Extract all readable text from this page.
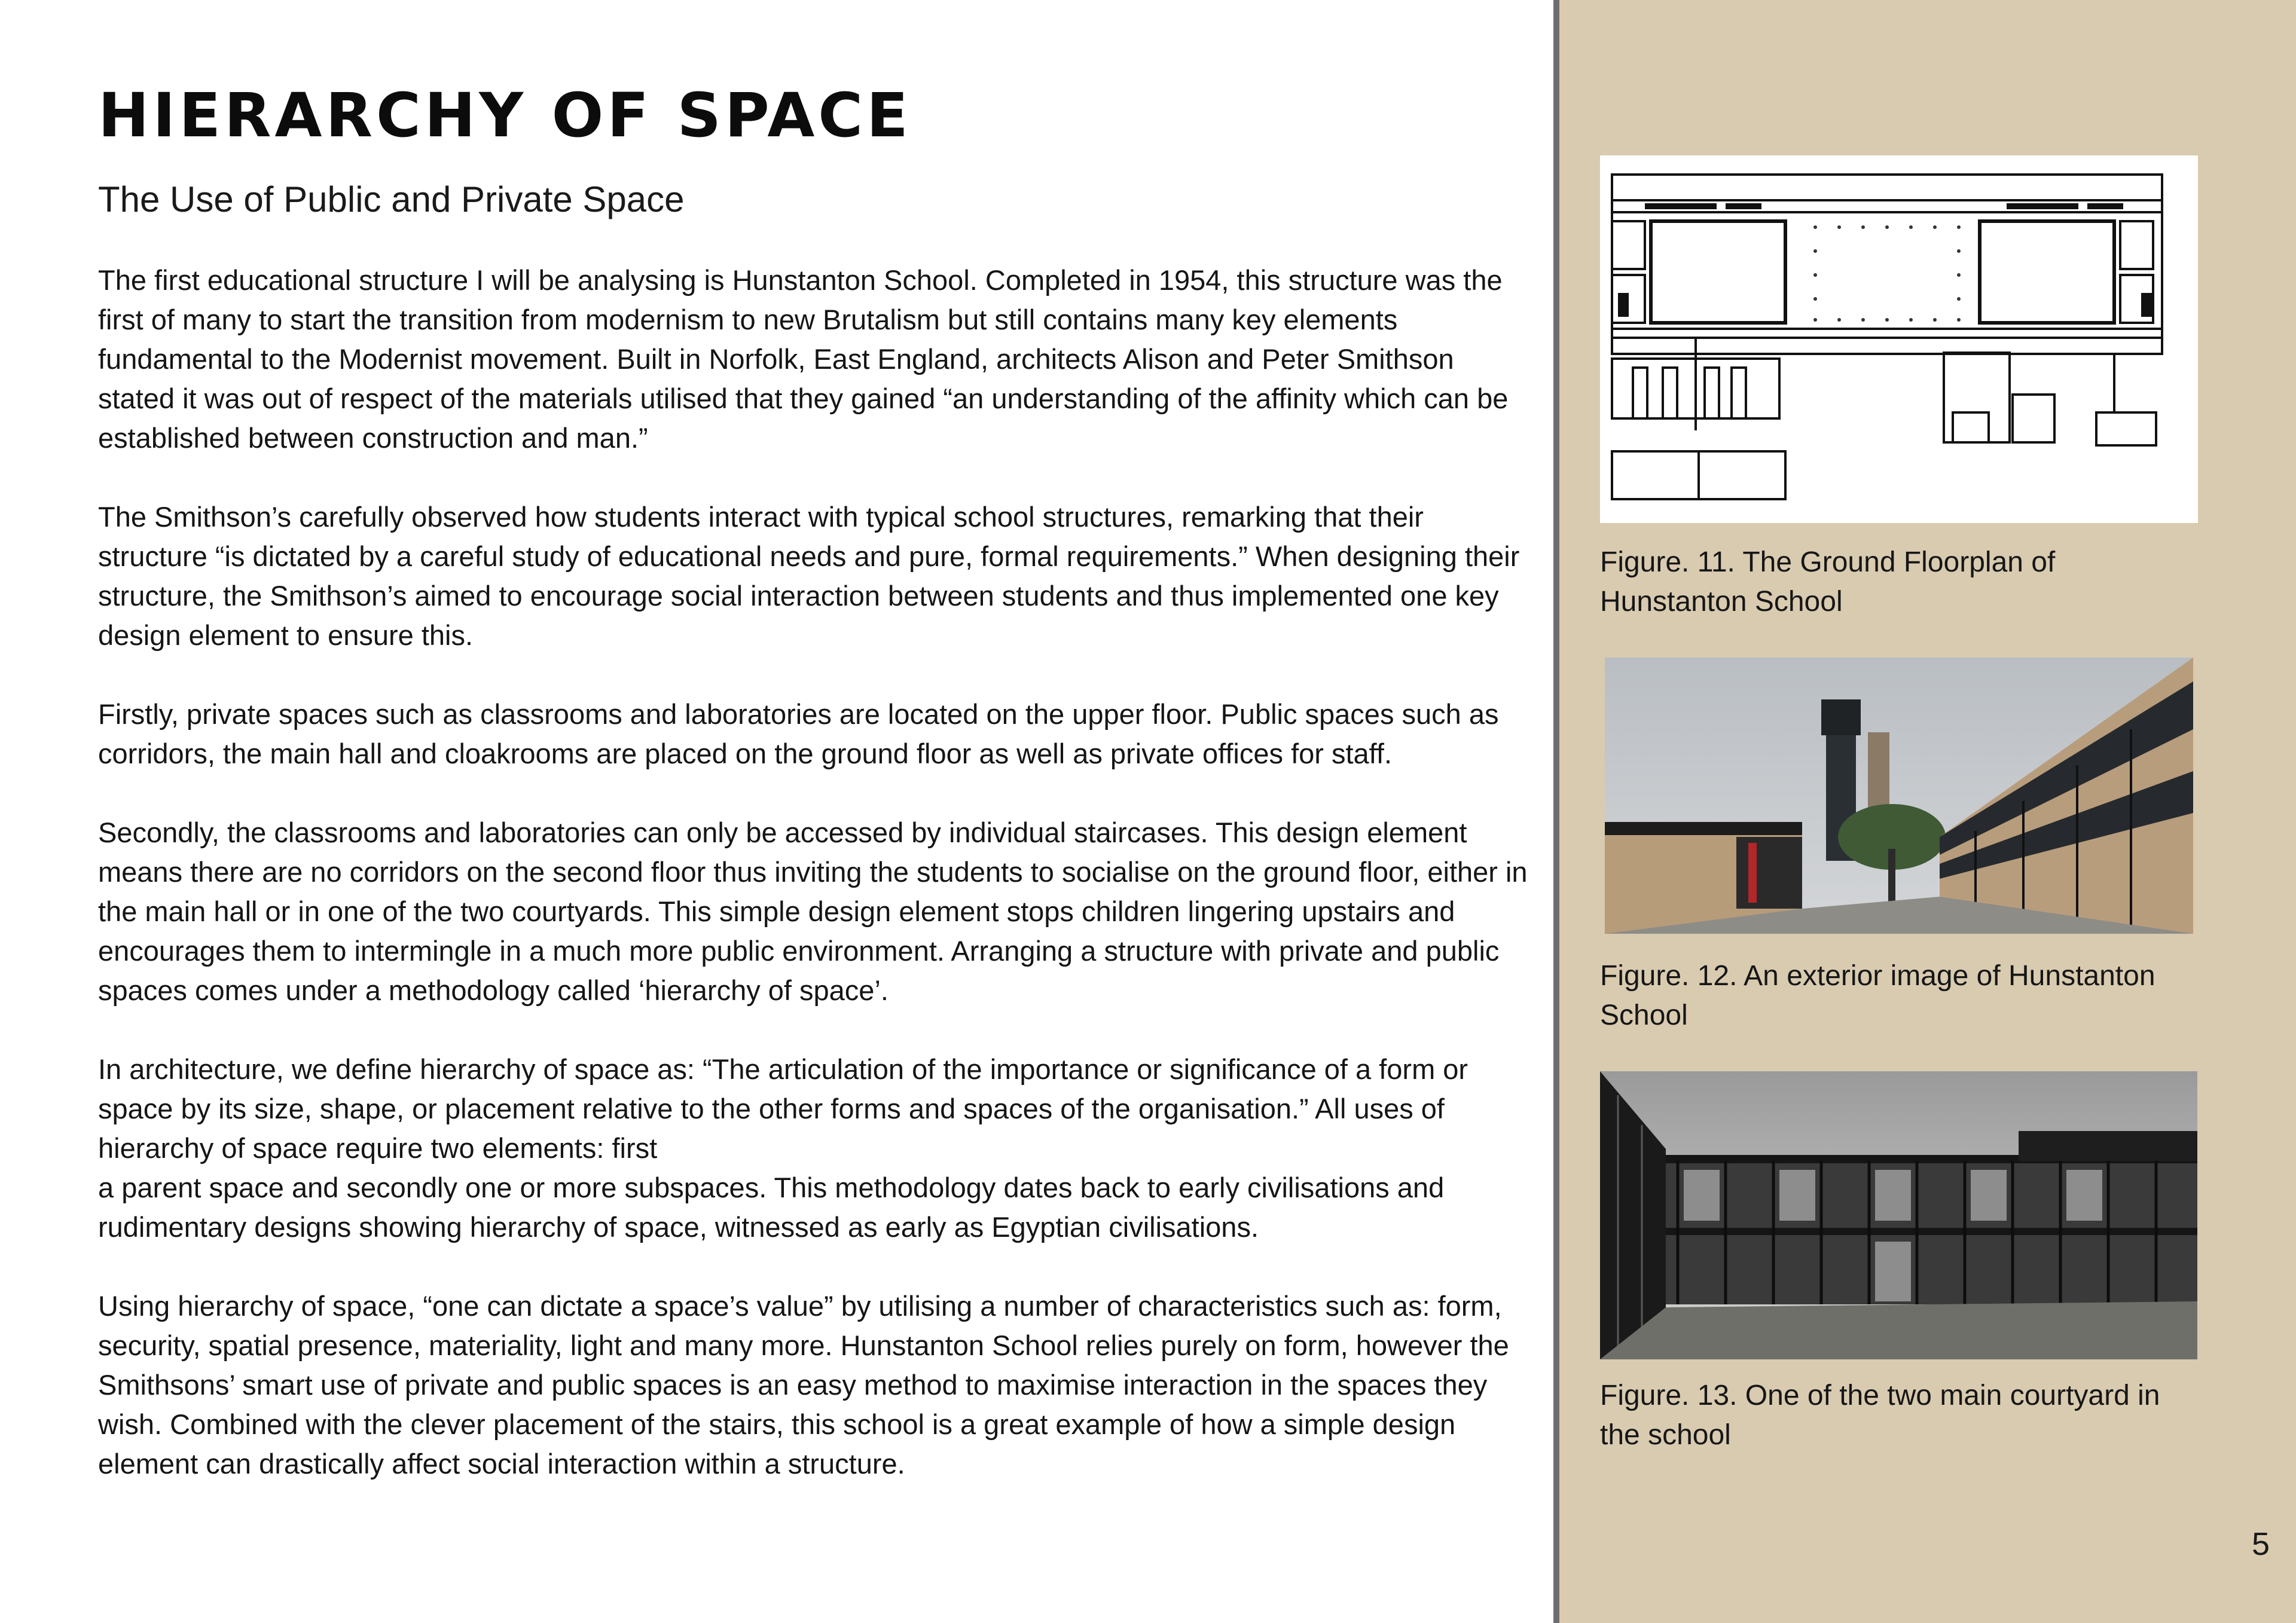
HIERARCHY OF SPACE
The Use of Public and Private Space

The first educational structure I will be analysing is Hunstanton School. Completed in 1954, this structure was the first of many to start the transition from modernism to new Brutalism but still contains many key elements fundamental to the Modernist movement. Built in Norfolk, East England, architects Alison and Peter Smithson stated it was out of respect of the materials utilised that they gained “an understanding of the affinity which can be established between construction and man.”

The Smithson’s carefully observed how students interact with typical school structures, remarking that their structure “is dictated by a careful study of educational needs and pure, formal requirements.” When designing their structure, the Smithson’s aimed to encourage social interaction between students and thus implemented one key design element to ensure this.

Firstly, private spaces such as classrooms and laboratories are located on the upper floor. Public spaces such as corridors, the main hall and cloakrooms are placed on the ground floor as well as private offices for staff.

Secondly, the classrooms and laboratories can only be accessed by individual staircases. This design element means there are no corridors on the second floor thus inviting the students to socialise on the ground floor, either in the main hall or in one of the two courtyards. This simple design element stops children lingering upstairs and encourages them to intermingle in a much more public environment. Arranging a structure with private and public spaces comes under a methodology called ‘hierarchy of space’.

In architecture, we define hierarchy of space as: “The articulation of the importance or significance of a form or space by its size, shape, or placement relative to the other forms and spaces of the organisation.” All uses of hierarchy of space require two elements: first
a parent space and secondly one or more subspaces. This methodology dates back to early civilisations and rudimentary designs showing hierarchy of space, witnessed as early as Egyptian civilisations.

Using hierarchy of space, “one can dictate a space’s value” by utilising a number of characteristics such as: form, security, spatial presence, materiality, light and many more. Hunstanton School relies purely on form, however the Smithsons’ smart use of private and public spaces is an easy method to maximise interaction in the spaces they wish. Combined with the clever placement of the stairs, this school is a great example of how a simple design element can drastically affect social interaction within a structure.

Figure. 11. The Ground Floorplan of Hunstanton School

Figure. 12. An exterior image of Hunstanton School

Figure. 13. One of the two main courtyard in the school

5
